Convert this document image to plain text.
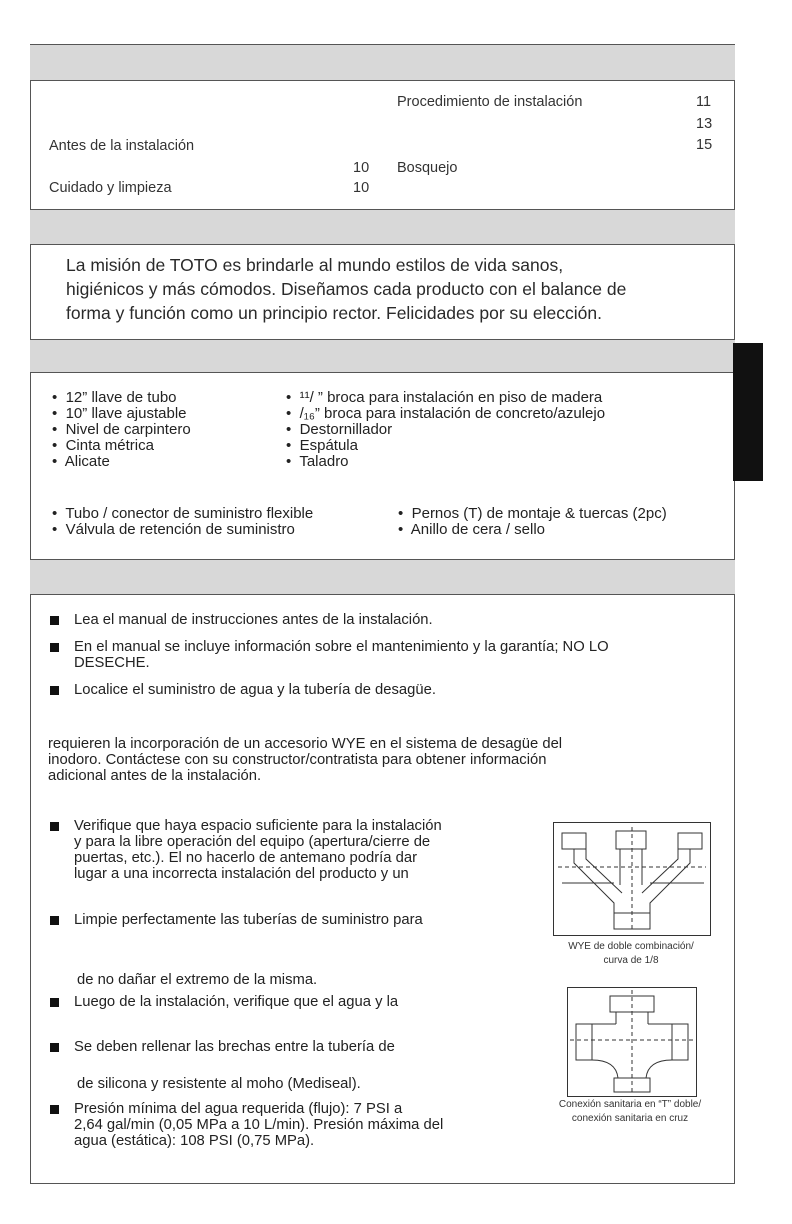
Procedimiento de instalación	11
13
15
Antes de la instalación
10 Bosquejo
Cuidado y limpieza	10
La misión de TOTO es brindarle al mundo estilos de vida sanos,
higiénicos y más cómodos. Diseñamos cada producto con el balance de
forma y función como un principio rector. Felicidades por su elección.
•  12” llave de tubo
•  10” llave ajustable
•  Nivel de carpintero
•  Cinta métrica
•  Alicate
•  ¹¹/ ” broca para instalación en piso de madera
•  /₁₆” broca para instalación de concreto/azulejo
•  Destornillador
•  Espátula
•  Taladro
•  Tubo / conector de suministro flexible
•  Válvula de retención de suministro
•  Pernos (T) de montaje & tuercas (2pc)
•  Anillo de cera / sello
Lea el manual de instrucciones antes de la instalación.
En el manual se incluye información sobre el mantenimiento y la garantía; NO LO
DESECHE.
Localice el suministro de agua y la tubería de desagüe.
requieren la incorporación de un accesorio WYE en el sistema de desagüe del
inodoro. Contáctese con su constructor/contratista para obtener información
adicional antes de la instalación.
Verifique que haya espacio suficiente para la instalación
y para la libre operación del equipo (apertura/cierre de
puertas, etc.). El no hacerlo de antemano podría dar
lugar a una incorrecta instalación del producto y un
Limpie perfectamente las tuberías de suministro para
de no dañar el extremo de la misma.
Luego de la instalación, verifique que el agua y la
Se deben rellenar las brechas entre la tubería de
de silicona y resistente al moho (Mediseal).
Presión mínima del agua requerida (flujo): 7 PSI a
2,64 gal/min (0,05 MPa a 10 L/min). Presión máxima del
agua (estática): 108 PSI (0,75 MPa).
WYE de doble combinación/
curva de 1/8
Conexión sanitaria en “T” doble/
conexión sanitaria en cruz
